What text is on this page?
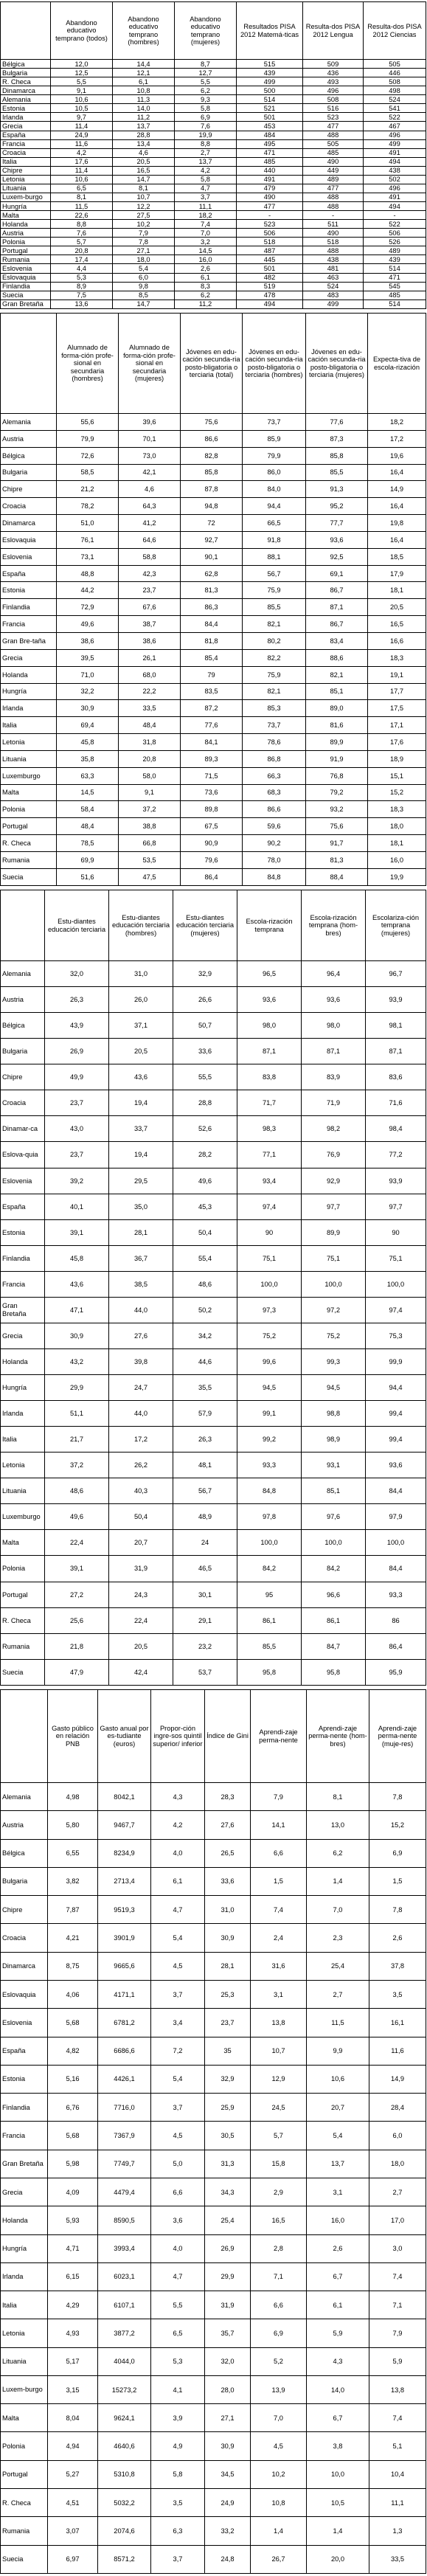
	Abandono educativo temprano (todos)	Abandono educativo temprano (hombres)	Abandono educativo temprano (mujeres)	Resultados PISA 2012 Matemá-ticas	Resulta-dos PISA 2012 Lengua	Resulta-dos PISA 2012 Ciencias
Bélgica	12,0	14,4	8,7	515	509	505
Bulgaria	12,5	12,1	12,7	439	436	446
R. Checa	5,5	6,1	5,5	499	493	508
Dinamarca	9,1	10,8	6,2	500	496	498
Alemania	10,6	11,3	9,3	514	508	524
Estonia	10,5	14,0	5,8	521	516	541
Irlanda	9,7	11,2	6,9	501	523	522
Grecia	11,4	13,7	7,6	453	477	467
España	24,9	28,8	19,9	484	488	496
Francia	11,6	13,4	8,8	495	505	499
Croacia	4,2	4,6	2,7	471	485	491
Italia	17,6	20,5	13,7	485	490	494
Chipre	11,4	16,5	4,2	440	449	438
Letonia	10,6	14,7	5,8	491	489	502
Lituania	6,5	8,1	4,7	479	477	496
Luxem-burgo	8,1	10,7	3,7	490	488	491
Hungría	11,5	12,2	11,1	477	488	494
Malta	22,6	27,5	18,2	-	-	-
Holanda	8,8	10,2	7,4	523	511	522
Austria	7,6	7,9	7,0	506	490	506
Polonia	5,7	7,8	3,2	518	518	526
Portugal	20,8	27,1	14,5	487	488	489
Rumania	17,4	18,0	16,0	445	438	439
Eslovenia	4,4	5,4	2,6	501	481	514
Eslovaquia	5,3	6,0	6,1	482	463	471
Finlandia	8,9	9,8	8,3	519	524	545
Suecia	7,5	8,5	6,2	478	483	485
Gran Bretaña	13,6	14,7	11,2	494	499	514
	Alumnado de forma-ción profe-sional en secundaria (hombres)	Alumnado de forma-ción profe-sional en secundaria (mujeres)	Jóvenes en edu-cación secunda-ria posto-bligatoria o terciaria (total)	Jóvenes en edu-cación secunda-ria posto-bligatoria o terciaria (hombres)	Jóvenes en edu-cación secunda-ria posto-bligatoria o terciaria (mujeres)	Expecta-tiva de escola-rización
Alemania	55,6	39,6	75,6	73,7	77,6	18,2
Austria	79,9	70,1	86,6	85,9	87,3	17,2
Bélgica	72,6	73,0	82,8	79,9	85,8	19,6
Bulgaria	58,5	42,1	85,8	86,0	85,5	16,4
Chipre	21,2	4,6	87,8	84,0	91,3	14,9
Croacia	78,2	64,3	94,8	94,4	95,2	16,4
Dinamarca	51,0	41,2	72	66,5	77,7	19,8
Eslovaquia	76,1	64,6	92,7	91,8	93,6	16,4
Eslovenia	73,1	58,8	90,1	88,1	92,5	18,5
España	48,8	42,3	62,8	56,7	69,1	17,9
Estonia	44,2	23,7	81,3	75,9	86,7	18,1
Finlandia	72,9	67,6	86,3	85,5	87,1	20,5
Francia	49,6	38,7	84,4	82,1	86,7	16,5
Gran Bre-taña	38,6	38,6	81,8	80,2	83,4	16,6
Grecia	39,5	26,1	85,4	82,2	88,6	18,3
Holanda	71,0	68,0	79	75,9	82,1	19,1
Hungría	32,2	22,2	83,5	82,1	85,1	17,7
Irlanda	30,9	33,5	87,2	85,3	89,0	17,5
Italia	69,4	48,4	77,6	73,7	81,6	17,1
Letonia	45,8	31,8	84,1	78,6	89,9	17,6
Lituania	35,8	20,8	89,3	86,8	91,9	18,9
Luxemburgo	63,3	58,0	71,5	66,3	76,8	15,1
Malta	14,5	9,1	73,6	68,3	79,2	15,2
Polonia	58,4	37,2	89,8	86,6	93,2	18,3
Portugal	48,4	38,8	67,5	59,6	75,6	18,0
R. Checa	78,5	66,8	90,9	90,2	91,7	18,1
Rumania	69,9	53,5	79,6	78,0	81,3	16,0
Suecia	51,6	47,5	86,4	84,8	88,4	19,9
	Estu-diantes educación terciaria	Estu-diantes educación terciaria (hombres)	Estu-diantes educación terciaria (mujeres)	Escola-rización temprana	Escola-rización temprana (hom-bres)	Escolariza-ción temprana (mujeres)
Alemania	32,0	31,0	32,9	96,5	96,4	96,7
Austria	26,3	26,0	26,6	93,6	93,6	93,9
Bélgica	43,9	37,1	50,7	98,0	98,0	98,1
Bulgaria	26,9	20,5	33,6	87,1	87,1	87,1
Chipre	49,9	43,6	55,5	83,8	83,9	83,6
Croacia	23,7	19,4	28,8	71,7	71,9	71,6
Dinamar-ca	43,0	33,7	52,6	98,3	98,2	98,4
Eslova-quia	23,7	19,4	28,2	77,1	76,9	77,2
Eslovenia	39,2	29,5	49,6	93,4	92,9	93,9
España	40,1	35,0	45,3	97,4	97,7	97,7
Estonia	39,1	28,1	50,4	90	89,9	90
Finlandia	45,8	36,7	55,4	75,1	75,1	75,1
Francia	43,6	38,5	48,6	100,0	100,0	100,0
Gran Bretaña	47,1	44,0	50,2	97,3	97,2	97,4
Grecia	30,9	27,6	34,2	75,2	75,2	75,3
Holanda	43,2	39,8	44,6	99,6	99,3	99,9
Hungría	29,9	24,7	35,5	94,5	94,5	94,4
Irlanda	51,1	44,0	57,9	99,1	98,8	99,4
Italia	21,7	17,2	26,3	99,2	98,9	99,4
Letonia	37,2	26,2	48,1	93,3	93,1	93,6
Lituania	48,6	40,3	56,7	84,8	85,1	84,4
Luxemburgo	49,6	50,4	48,9	97,8	97,6	97,9
Malta	22,4	20,7	24	100,0	100,0	100,0
Polonia	39,1	31,9	46,5	84,2	84,2	84,4
Portugal	27,2	24,3	30,1	95	96,6	93,3
R. Checa	25,6	22,4	29,1	86,1	86,1	86
Rumania	21,8	20,5	23,2	85,5	84,7	86,4
Suecia	47,9	42,4	53,7	95,8	95,8	95,9
	Gasto público en relación PNB	Gasto anual por es-tudiante (euros)	Propor-ción ingre-sos quintil superior/ inferior	Índice de Gini	Aprendi-zaje perma-nente	Aprendi-zaje perma-nente (hom-bres)	Aprendi-zaje perma-nente (muje-res)
Alemania	4,98	8042,1	4,3	28,3	7,9	8,1	7,8
Austria	5,80	9467,7	4,2	27,6	14,1	13,0	15,2
Bélgica	6,55	8234,9	4,0	26,5	6,6	6,2	6,9
Bulgaria	3,82	2713,4	6,1	33,6	1,5	1,4	1,5
Chipre	7,87	9519,3	4,7	31,0	7,4	7,0	7,8
Croacia	4,21	3901,9	5,4	30,9	2,4	2,3	2,6
Dinamarca	8,75	9665,6	4,5	28,1	31,6	25,4	37,8
Eslovaquia	4,06	4171,1	3,7	25,3	3,1	2,7	3,5
Eslovenia	5,68	6781,2	3,4	23,7	13,8	11,5	16,1
España	4,82	6686,6	7,2	35	10,7	9,9	11,6
Estonia	5,16	4426,1	5,4	32,9	12,9	10,6	14,9
Finlandia	6,76	7716,0	3,7	25,9	24,5	20,7	28,4
Francia	5,68	7367,9	4,5	30,5	5,7	5,4	6,0
Gran Bretaña	5,98	7749,7	5,0	31,3	15,8	13,7	18,0
Grecia	4,09	4479,4	6,6	34,3	2,9	3,1	2,7
Holanda	5,93	8590,5	3,6	25,4	16,5	16,0	17,0
Hungría	4,71	3993,4	4,0	26,9	2,8	2,6	3,0
Irlanda	6,15	6023,1	4,7	29,9	7,1	6,7	7,4
Italia	4,29	6107,1	5,5	31,9	6,6	6,1	7,1
Letonia	4,93	3877,2	6,5	35,7	6,9	5,9	7,9
Lituania	5,17	4044,0	5,3	32,0	5,2	4,3	5,9
Luxem-burgo	3,15	15273,2	4,1	28,0	13,9	14,0	13,8
Malta	8,04	9624,1	3,9	27,1	7,0	6,7	7,4
Polonia	4,94	4640,6	4,9	30,9	4,5	3,8	5,1
Portugal	5,27	5310,8	5,8	34,5	10,2	10,0	10,4
R. Checa	4,51	5032,2	3,5	24,9	10,8	10,5	11,1
Rumania	3,07	2074,6	6,3	33,2	1,4	1,4	1,3
Suecia	6,97	8571,2	3,7	24,8	26,7	20,0	33,5
